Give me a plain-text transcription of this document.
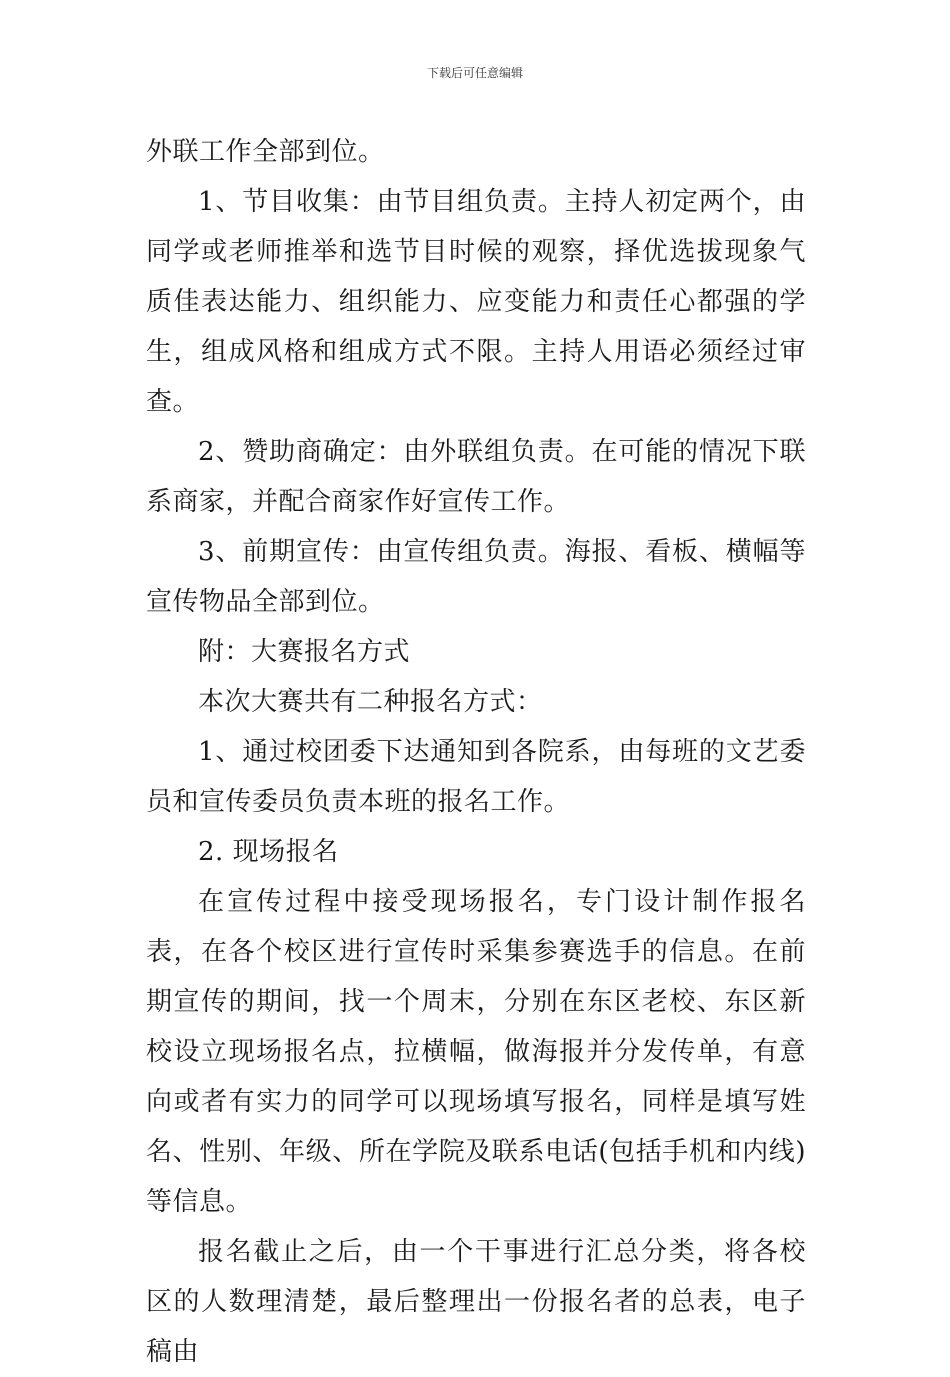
下载后可任意编辑

外联工作全部到位。

1、节目收集：由节目组负责。主持人初定两个，由同学或老师推举和选节目时候的观察，择优选拔现象气质佳表达能力、组织能力、应变能力和责任心都强的学生，组成风格和组成方式不限。主持人用语必须经过审查。

2、赞助商确定：由外联组负责。在可能的情况下联系商家，并配合商家作好宣传工作。

3、前期宣传：由宣传组负责。海报、看板、横幅等宣传物品全部到位。

附：大赛报名方式

本次大赛共有二种报名方式：

1、通过校团委下达通知到各院系，由每班的文艺委员和宣传委员负责本班的报名工作。

2. 现场报名

在宣传过程中接受现场报名，专门设计制作报名表，在各个校区进行宣传时采集参赛选手的信息。在前期宣传的期间，找一个周末，分别在东区老校、东区新校设立现场报名点，拉横幅，做海报并分发传单，有意向或者有实力的同学可以现场填写报名，同样是填写姓名、性别、年级、所在学院及联系电话(包括手机和内线)等信息。

报名截止之后，由一个干事进行汇总分类，将各校区的人数理清楚，最后整理出一份报名者的总表，电子稿由
